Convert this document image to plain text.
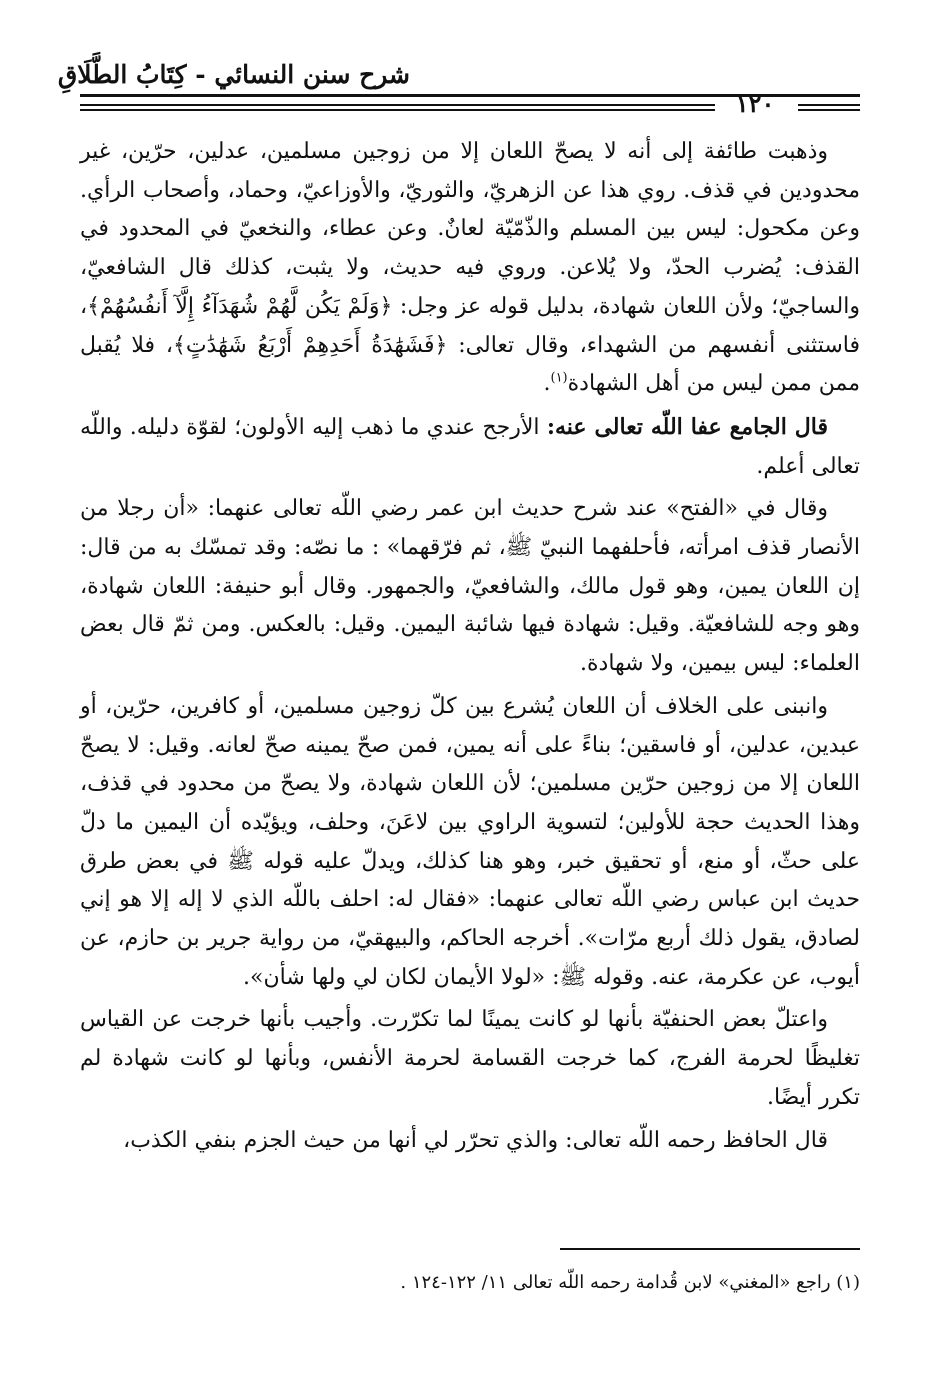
شرح سنن النسائي - كِتَابُ الطَّلَاقِ
١٢٠

وذهبت طائفة إلى أنه لا يصحّ اللعان إلا من زوجين مسلمين، عدلين، حرّين، غير محدودين في قذف. روي هذا عن الزهريّ، والثوريّ، والأوزاعيّ، وحماد، وأصحاب الرأي. وعن مكحول: ليس بين المسلم والذّمّيّة لعانٌ. وعن عطاء، والنخعيّ في المحدود في القذف: يُضرب الحدّ، ولا يُلاعن. وروي فيه حديث، ولا يثبت، كذلك قال الشافعيّ، والساجيّ؛ ولأن اللعان شهادة، بدليل قوله عز وجل: ﴿وَلَمْ يَكُن لَّهُمْ شُهَدَآءُ إِلَّآ أَنفُسُهُمْ﴾، فاستثنى أنفسهم من الشهداء، وقال تعالى: ﴿فَشَهَٰدَةُ أَحَدِهِمْ أَرْبَعُ شَهَٰدَٰتٍ﴾، فلا يُقبل ممن ممن ليس من أهل الشهادة$^{(١)}$.

قال الجامع عفا اللّه تعالى عنه: الأرجح عندي ما ذهب إليه الأولون؛ لقوّة دليله. واللّه تعالى أعلم.

وقال في «الفتح» عند شرح حديث ابن عمر رضي اللّه تعالى عنهما: «أن رجلا من الأنصار قذف امرأته، فأحلفهما النبيّ ﷺ، ثم فرّقهما» : ما نصّه: وقد تمسّك به من قال: إن اللعان يمين، وهو قول مالك، والشافعيّ، والجمهور. وقال أبو حنيفة: اللعان شهادة، وهو وجه للشافعيّة. وقيل: شهادة فيها شائبة اليمين. وقيل: بالعكس. ومن ثمّ قال بعض العلماء: ليس بيمين، ولا شهادة.

وانبنى على الخلاف أن اللعان يُشرع بين كلّ زوجين مسلمين، أو كافرين، حرّين، أو عبدين، عدلين، أو فاسقين؛ بناءً على أنه يمين، فمن صحّ يمينه صحّ لعانه. وقيل: لا يصحّ اللعان إلا من زوجين حرّين مسلمين؛ لأن اللعان شهادة، ولا يصحّ من محدود في قذف، وهذا الحديث حجة للأولين؛ لتسوية الراوي بين لاعَنَ، وحلف، ويؤيّده أن اليمين ما دلّ على حثّ، أو منع، أو تحقيق خبر، وهو هنا كذلك، ويدلّ عليه قوله ﷺ في بعض طرق حديث ابن عباس رضي اللّه تعالى عنهما: «فقال له: احلف باللّه الذي لا إله إلا هو إني لصادق، يقول ذلك أربع مرّات». أخرجه الحاكم، والبيهقيّ، من رواية جرير بن حازم، عن أيوب، عن عكرمة، عنه. وقوله ﷺ: «لولا الأيمان لكان لي ولها شأن».

واعتلّ بعض الحنفيّة بأنها لو كانت يمينًا لما تكرّرت. وأجيب بأنها خرجت عن القياس تغليظًا لحرمة الفرج، كما خرجت القسامة لحرمة الأنفس، وبأنها لو كانت شهادة لم تكرر أيضًا.

قال الحافظ رحمه اللّه تعالى: والذي تحرّر لي أنها من حيث الجزم بنفي الكذب،

(١) راجع «المغني» لابن قُدامة رحمه اللّه تعالى ١١/ ١٢٢-١٢٤ .
